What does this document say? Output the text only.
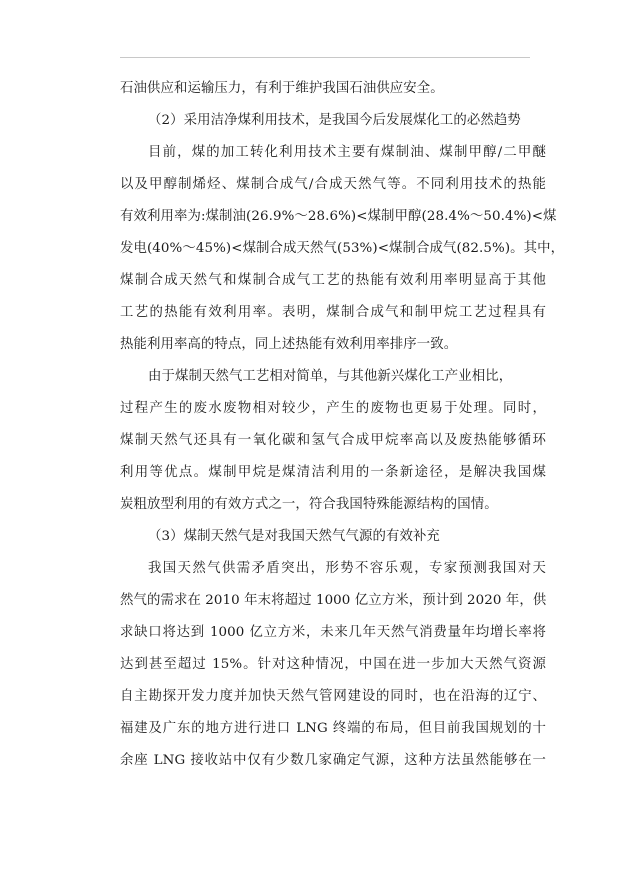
石油供应和运输压力，有利于维护我国石油供应安全。
（2）采用洁净煤利用技术，是我国今后发展煤化工的必然趋势
目前，煤的加工转化利用技术主要有煤制油、煤制甲醇/二甲醚
以及甲醇制烯烃、煤制合成气/合成天然气等。不同利用技术的热能
有效利用率为:煤制油(26.9%～28.6%)<煤制甲醇(28.4%～50.4%)<煤
发电(40%～45%)<煤制合成天然气(53%)<煤制合成气(82.5%)。其中，
煤制合成天然气和煤制合成气工艺的热能有效利用率明显高于其他
工艺的热能有效利用率。表明，煤制合成气和制甲烷工艺过程具有
热能利用率高的特点，同上述热能有效利用率排序一致。
由于煤制天然气工艺相对简单，与其他新兴煤化工产业相比，
过程产生的废水废物相对较少，产生的废物也更易于处理。同时，
煤制天然气还具有一氧化碳和氢气合成甲烷率高以及废热能够循环
利用等优点。煤制甲烷是煤清洁利用的一条新途径，是解决我国煤
炭粗放型利用的有效方式之一，符合我国特殊能源结构的国情。
（3）煤制天然气是对我国天然气气源的有效补充
我国天然气供需矛盾突出，形势不容乐观，专家预测我国对天
然气的需求在 2010 年末将超过 1000 亿立方米，预计到 2020 年，供
求缺口将达到 1000 亿立方米，未来几年天然气消费量年均增长率将
达到甚至超过 15%。针对这种情况，中国在进一步加大天然气资源
自主勘探开发力度并加快天然气管网建设的同时，也在沿海的辽宁、
福建及广东的地方进行进口 LNG 终端的布局，但目前我国规划的十
余座 LNG 接收站中仅有少数几家确定气源，这种方法虽然能够在一
